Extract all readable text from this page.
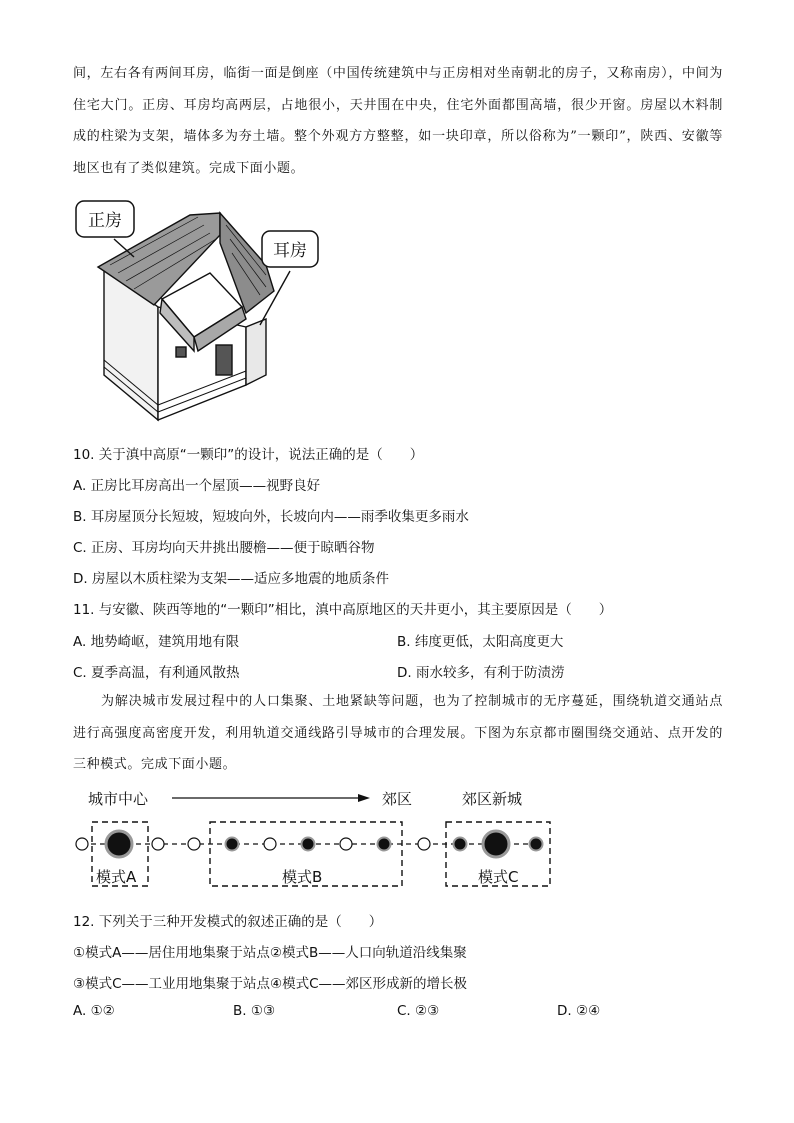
间，左右各有两间耳房，临街一面是倒座（中国传统建筑中与正房相对坐南朝北的房子，又称南房），中间为住宅大门。正房、耳房均高两层，占地很小，天井围在中央，住宅外面都围高墙，很少开窗。房屋以木料制成的柱梁为支架，墙体多为夯土墙。整个外观方方整整，如一块印章，所以俗称为”一颗印”，陕西、安徽等地区也有了类似建筑。完成下面小题。
正房
耳房
10. 关于滇中高原“一颗印”的设计，说法正确的是（　　）
A. 正房比耳房高出一个屋顶——视野良好
B. 耳房屋顶分长短坡，短坡向外，长坡向内——雨季收集更多雨水
C. 正房、耳房均向天井挑出腰檐——便于晾晒谷物
D. 房屋以木质柱梁为支架——适应多地震的地质条件
11. 与安徽、陕西等地的“一颗印”相比，滇中高原地区的天井更小，其主要原因是（　　）
A. 地势崎岖，建筑用地有限	B. 纬度更低，太阳高度更大
C. 夏季高温，有利通风散热	D. 雨水较多，有利于防渍涝
为解决城市发展过程中的人口集聚、土地紧缺等问题，也为了控制城市的无序蔓延，围绕轨道交通站点进行高强度高密度开发，利用轨道交通线路引导城市的合理发展。下图为东京都市圈围绕交通站、点开发的三种模式。完成下面小题。
城市中心	郊区	郊区新城
模式A	模式B	模式C
12. 下列关于三种开发模式的叙述正确的是（　　）
①模式A——居住用地集聚于站点②模式B——人口向轨道沿线集聚
③模式C——工业用地集聚于站点④模式C——郊区形成新的增长极
A. ①②	B. ①③	C. ②③	D. ②④
